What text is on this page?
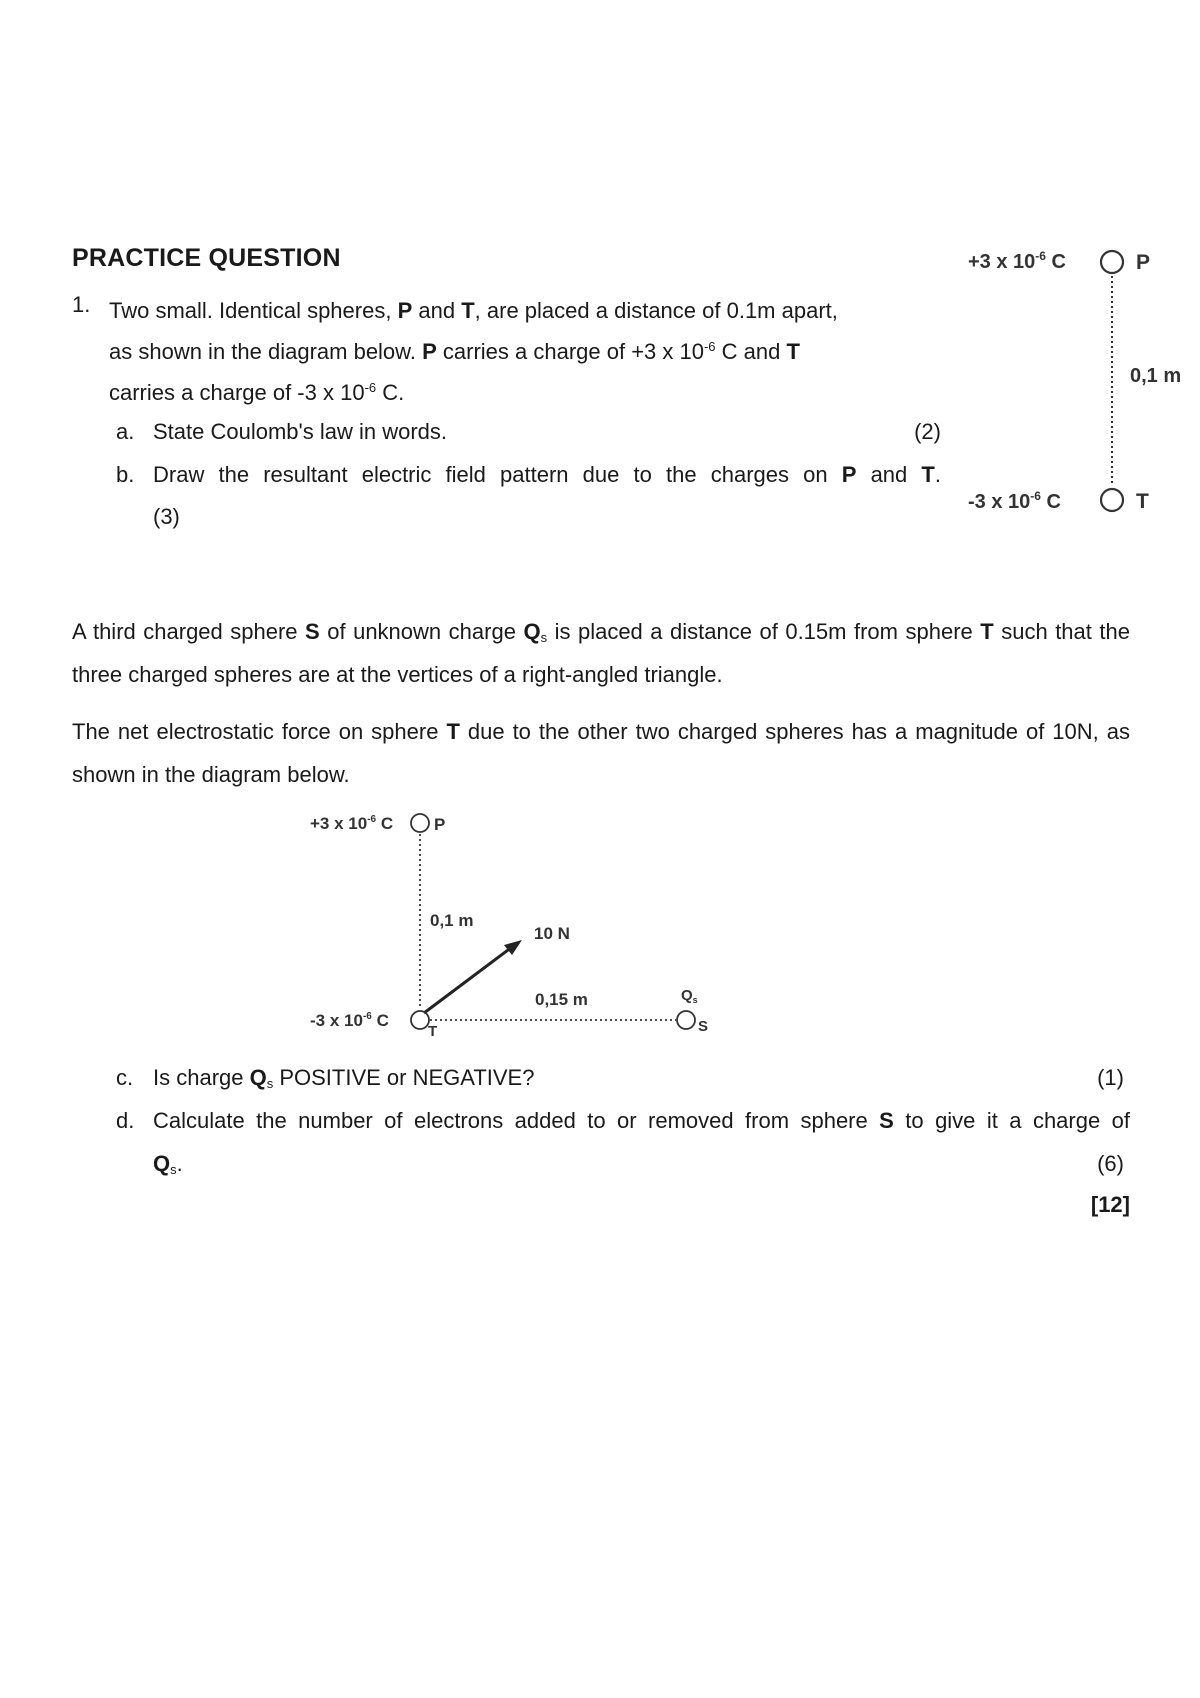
PRACTICE QUESTION
1. Two small. Identical spheres, P and T, are placed a distance of 0.1m apart,
as shown in the diagram below. P carries a charge of +3 x $10^{-6}$ C and T
carries a charge of -3 x $10^{-6}$ C.
a. State Coulomb's law in words.	(2)
b. Draw the resultant electric field pattern due to the charges on P and T.
(3)
+3 x $10^{-6}$ C	P
0,1 m
-3 x $10^{-6}$ C	T
A third charged sphere S of unknown charge $Q_s$ is placed a distance of 0.15m from sphere T such that the three charged spheres are at the vertices of a right-angled triangle.
The net electrostatic force on sphere T due to the other two charged spheres has a magnitude of 10N, as shown in the diagram below.
+3 x $10^{-6}$ C P
0,1 m
10 N
0,15 m
-3 x $10^{-6}$ C
T
$Q_s$
S
c. Is charge $Q_s$ POSITIVE or NEGATIVE?	(1)
d. Calculate the number of electrons added to or removed from sphere S to give it a charge of
$Q_s$.	(6)
[12]
